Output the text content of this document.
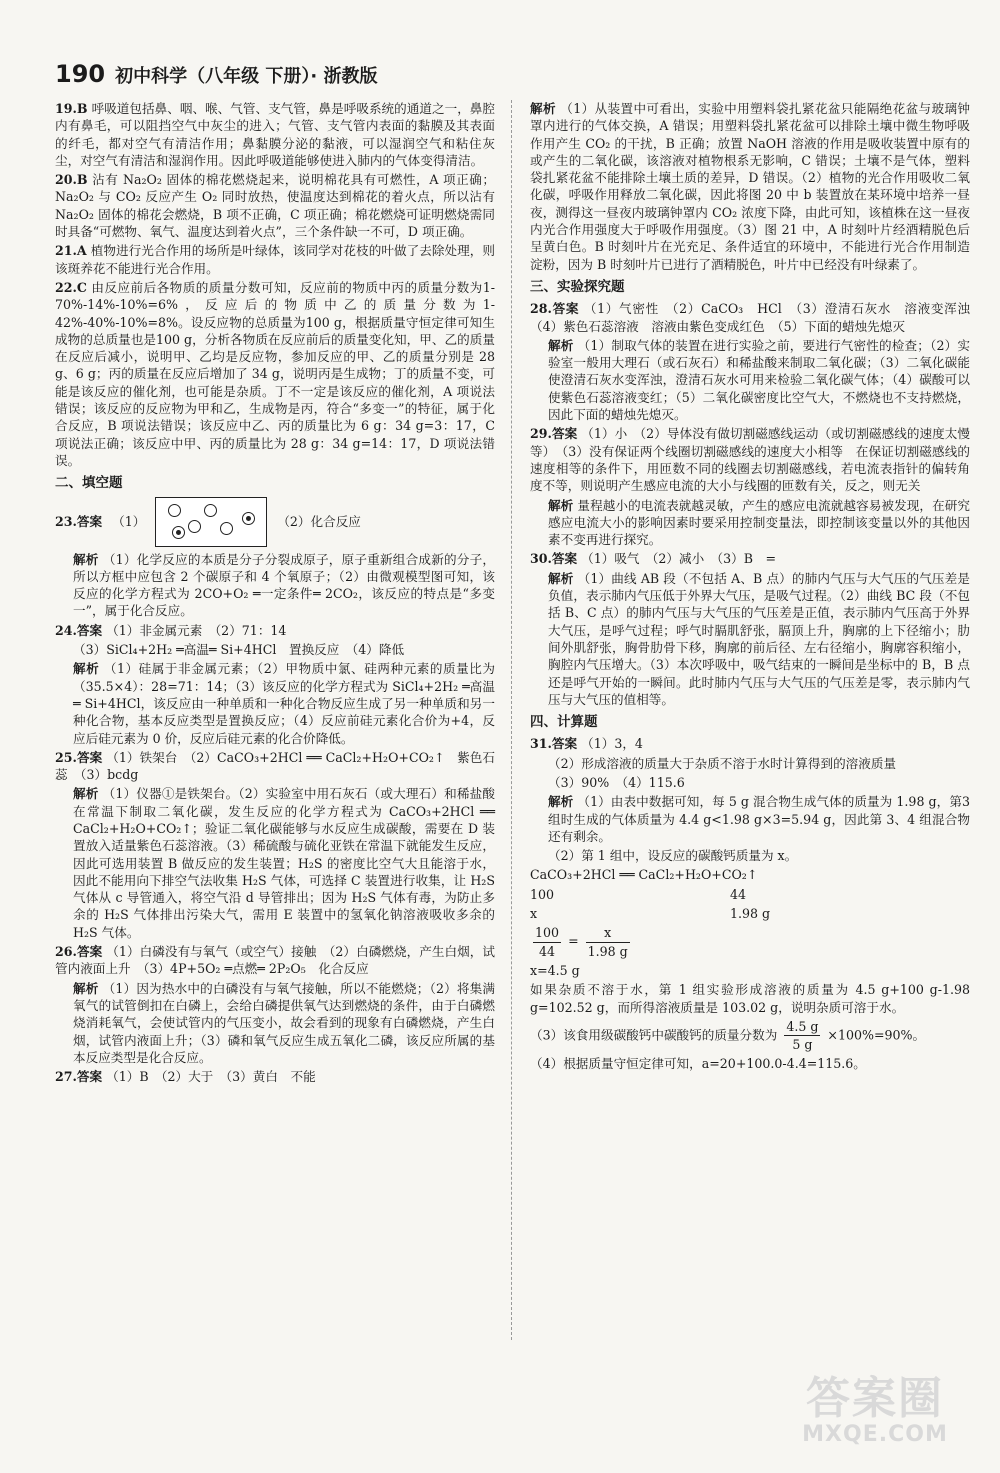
190 初中科学（八年级 下册）· 浙教版

19.B 呼吸道包括鼻、咽、喉、气管、支气管，鼻是呼吸系统的通道之一，鼻腔内有鼻毛，可以阻挡空气中灰尘的进入；气管、支气管内表面的黏膜及其表面的纤毛，都对空气有清洁作用；鼻黏膜分泌的黏液，可以湿润空气和粘住灰尘，对空气有清洁和湿润作用。因此呼吸道能够使进入肺内的气体变得清洁。

20.B 沾有 Na₂O₂ 固体的棉花燃烧起来，说明棉花具有可燃性，A 项正确；Na₂O₂ 与 CO₂ 反应产生 O₂ 同时放热，使温度达到棉花的着火点，所以沾有 Na₂O₂ 固体的棉花会燃烧，B 项不正确，C 项正确；棉花燃烧可证明燃烧需同时具备“可燃物、氧气、温度达到着火点”，三个条件缺一不可，D 项正确。

21.A 植物进行光合作用的场所是叶绿体，该同学对花枝的叶做了去除处理，则该斑养花不能进行光合作用。

22.C 由反应前后各物质的质量分数可知，反应前的物质中丙的质量分数为1-70%-14%-10%=6%，反应后的物质中乙的质量分数为1-42%-40%-10%=8%。设反应物的总质量为100 g，根据质量守恒定律可知生成物的总质量也是100 g，分析各物质在反应前后的质量变化知，甲、乙的质量在反应后减小，说明甲、乙均是反应物，参加反应的甲、乙的质量分别是 28 g、6 g；丙的质量在反应后增加了 34 g，说明丙是生成物；丁的质量不变，可能是该反应的催化剂，也可能是杂质。丁不一定是该反应的催化剂，A 项说法错误；该反应的反应物为甲和乙，生成物是丙，符合“多变一”的特征，属于化合反应，B 项说法错误；该反应中乙、丙的质量比为 6 g：34 g=3：17，C 项说法正确；该反应中甲、丙的质量比为 28 g：34 g=14：17，D 项说法错误。

二、填空题
23.答案 （1）	（2）化合反应

解析 （1）化学反应的本质是分子分裂成原子，原子重新组合成新的分子，所以方框中应包含 2 个碳原子和 4 个氧原子；（2）由微观模型图可知，该反应的化学方程式为 2CO+O₂ ═一定条件═ 2CO₂，该反应的特点是“多变一”，属于化合反应。

24.答案 （1）非金属元素　（2）71：14

（3）SiCl₄+2H₂ ═高温═ Si+4HCl　置换反应　（4）降低

解析 （1）硅属于非金属元素；（2）甲物质中氯、硅两种元素的质量比为（35.5×4）：28=71：14；（3）该反应的化学方程式为 SiCl₄+2H₂ ═高温═ Si+4HCl，该反应由一种单质和一种化合物反应生成了另一种单质和另一种化合物，基本反应类型是置换反应；（4）反应前硅元素化合价为+4，反应后硅元素为 0 价，反应后硅元素的化合价降低。

25.答案 （1）铁架台　（2）CaCO₃+2HCl ══ CaCl₂+H₂O+CO₂↑　紫色石蕊　（3）bcdg

解析 （1）仪器①是铁架台。（2）实验室中用石灰石（或大理石）和稀盐酸在常温下制取二氧化碳，发生反应的化学方程式为 CaCO₃+2HCl ══ CaCl₂+H₂O+CO₂↑；验证二氧化碳能够与水反应生成碳酸，需要在 D 装置放入适量紫色石蕊溶液。（3）稀硫酸与硫化亚铁在常温下就能发生反应，因此可选用装置 B 做反应的发生装置；H₂S 的密度比空气大且能溶于水，因此不能用向下排空气法收集 H₂S 气体，可选择 C 装置进行收集，让 H₂S 气体从 c 导管通入，将空气沿 d 导管排出；因为 H₂S 气体有毒，为防止多余的 H₂S 气体排出污染大气，需用 E 装置中的氢氧化钠溶液吸收多余的 H₂S 气体。

26.答案 （1）白磷没有与氧气（或空气）接触　（2）白磷燃烧，产生白烟，试管内液面上升　（3）4P+5O₂ ═点燃═ 2P₂O₅　化合反应

解析 （1）因为热水中的白磷没有与氧气接触，所以不能燃烧；（2）将集满氧气的试管倒扣在白磷上，会给白磷提供氧气达到燃烧的条件，由于白磷燃烧消耗氧气，会使试管内的气压变小，故会看到的现象有白磷燃烧，产生白烟，试管内液面上升；（3）磷和氧气反应生成五氧化二磷，该反应所属的基本反应类型是化合反应。

27.答案 （1）B　（2）大于　（3）黄白　不能

解析 （1）从装置中可看出，实验中用塑料袋扎紧花盆只能隔绝花盆与玻璃钟罩内进行的气体交换，A 错误；用塑料袋扎紧花盆可以排除土壤中微生物呼吸作用产生 CO₂ 的干扰，B 正确；放置 NaOH 溶液的作用是吸收装置中原有的或产生的二氧化碳，该溶液对植物根系无影响，C 错误；土壤不是气体，塑料袋扎紧花盆不能排除土壤土质的差异，D 错误。（2）植物的光合作用吸收二氧化碳，呼吸作用释放二氧化碳，因此将图 20 中 b 装置放在某环境中培养一昼夜，测得这一昼夜内玻璃钟罩内 CO₂ 浓度下降，由此可知，该植株在这一昼夜内光合作用强度大于呼吸作用强度。（3）图 21 中，A 时刻叶片经酒精脱色后呈黄白色。B 时刻叶片在光充足、条件适宜的环境中，不能进行光合作用制造淀粉，因为 B 时刻叶片已进行了酒精脱色，叶片中已经没有叶绿素了。

三、实验探究题

28.答案 （1）气密性　（2）CaCO₃　HCl　（3）澄清石灰水　溶液变浑浊　（4）紫色石蕊溶液　溶液由紫色变成红色　（5）下面的蜡烛先熄灭

解析 （1）制取气体的装置在进行实验之前，要进行气密性的检查；（2）实验室一般用大理石（或石灰石）和稀盐酸来制取二氧化碳；（3）二氧化碳能使澄清石灰水变浑浊，澄清石灰水可用来检验二氧化碳气体；（4）碳酸可以使紫色石蕊溶液变红；（5）二氧化碳密度比空气大，不燃烧也不支持燃烧，因此下面的蜡烛先熄灭。

29.答案 （1）小　（2）导体没有做切割磁感线运动（或切割磁感线的速度太慢等）　（3）没有保证两个线圈切割磁感线的速度大小相等　在保证切割磁感线的速度相等的条件下，用匝数不同的线圈去切割磁感线，若电流表指针的偏转角度不等，则说明产生感应电流的大小与线圈的匝数有关，反之，则无关

解析 量程越小的电流表就越灵敏，产生的感应电流就越容易被发现，在研究感应电流大小的影响因素时要采用控制变量法，即控制该变量以外的其他因素不变再进行探究。

30.答案 （1）吸气　（2）减小　（3）B　=

解析 （1）曲线 AB 段（不包括 A、B 点）的肺内气压与大气压的气压差是负值，表示肺内气压低于外界大气压，是吸气过程。（2）曲线 BC 段（不包括 B、C 点）的肺内气压与大气压的气压差是正值，表示肺内气压高于外界大气压，是呼气过程；呼气时膈肌舒张，膈顶上升，胸廓的上下径缩小；肋间外肌舒张，胸骨肋骨下移，胸廓的前后径、左右径缩小，胸廓容积缩小，胸腔内气压增大。（3）本次呼吸中，吸气结束的一瞬间是坐标中的 B，B 点还是呼气开始的一瞬间。此时肺内气压与大气压的气压差是零，表示肺内气压与大气压的值相等。

四、计算题

31.答案 （1）3，4

（2）形成溶液的质量大于杂质不溶于水时计算得到的溶液质量

（3）90%　（4）115.6

解析 （1）由表中数据可知，每 5 g 混合物生成气体的质量为 1.98 g，第3组时生成的气体质量为 4.4 g<1.98 g×3=5.94 g，因此第 3、4 组混合物还有剩余。

（2）第 1 组中，设反应的碳酸钙质量为 x。

CaCO₃+2HCl ══ CaCl₂+H₂O+CO₂↑
100	44
x	1.98 g
$\frac{100}{44} = \frac{x}{1.98 g}$
x=4.5 g

如果杂质不溶于水，第 1 组实验形成溶液的质量为 4.5 g+100 g-1.98 g=102.52 g，而所得溶液质量是 103.02 g，说明杂质可溶于水。

（3）该食用级碳酸钙中碳酸钙的质量分数为 $\frac{4.5 g}{5 g} \times 100\%=90\%$。

（4）根据质量守恒定律可知，a=20+100.0-4.4=115.6。

答案圈
MXQE.COM
